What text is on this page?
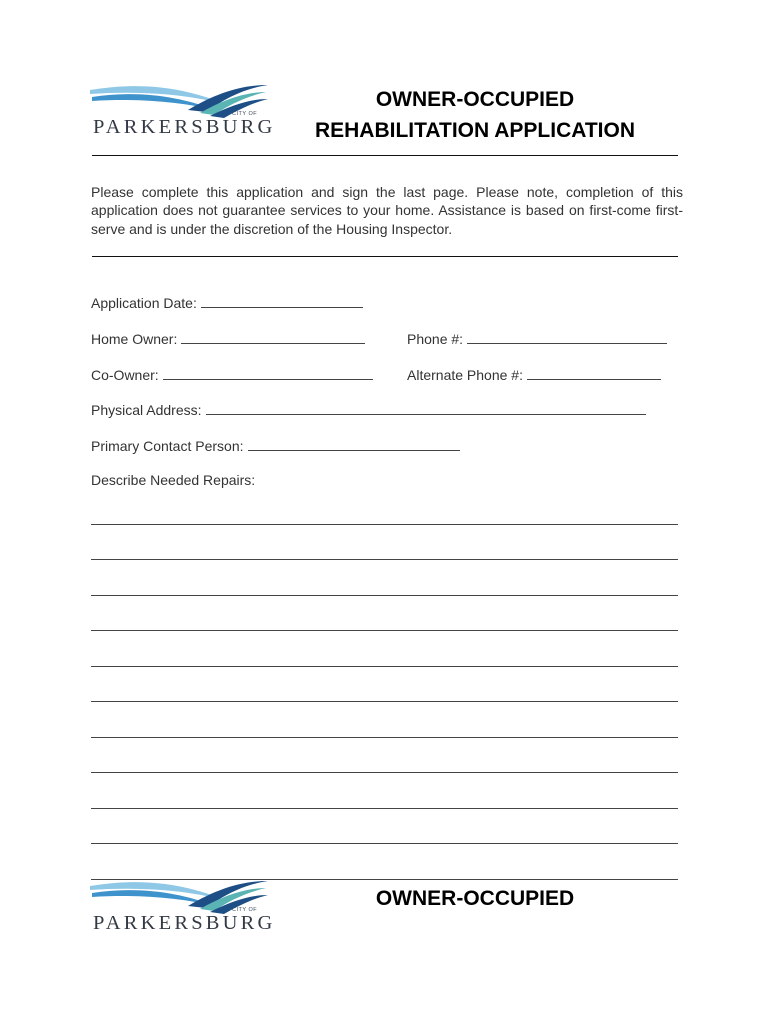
CITY OF
PARKERSBURG
OWNER-OCCUPIED
REHABILITATION APPLICATION
Please complete this application and sign the last page. Please note, completion of this application does not guarantee services to your home. Assistance is based on first-come first-serve and is under the discretion of the Housing Inspector.
Application Date:
Home Owner:	Phone #:
Co-Owner:	Alternate Phone #:
Physical Address:
Primary Contact Person:
Describe Needed Repairs:
CITY OF
PARKERSBURG
OWNER-OCCUPIED
